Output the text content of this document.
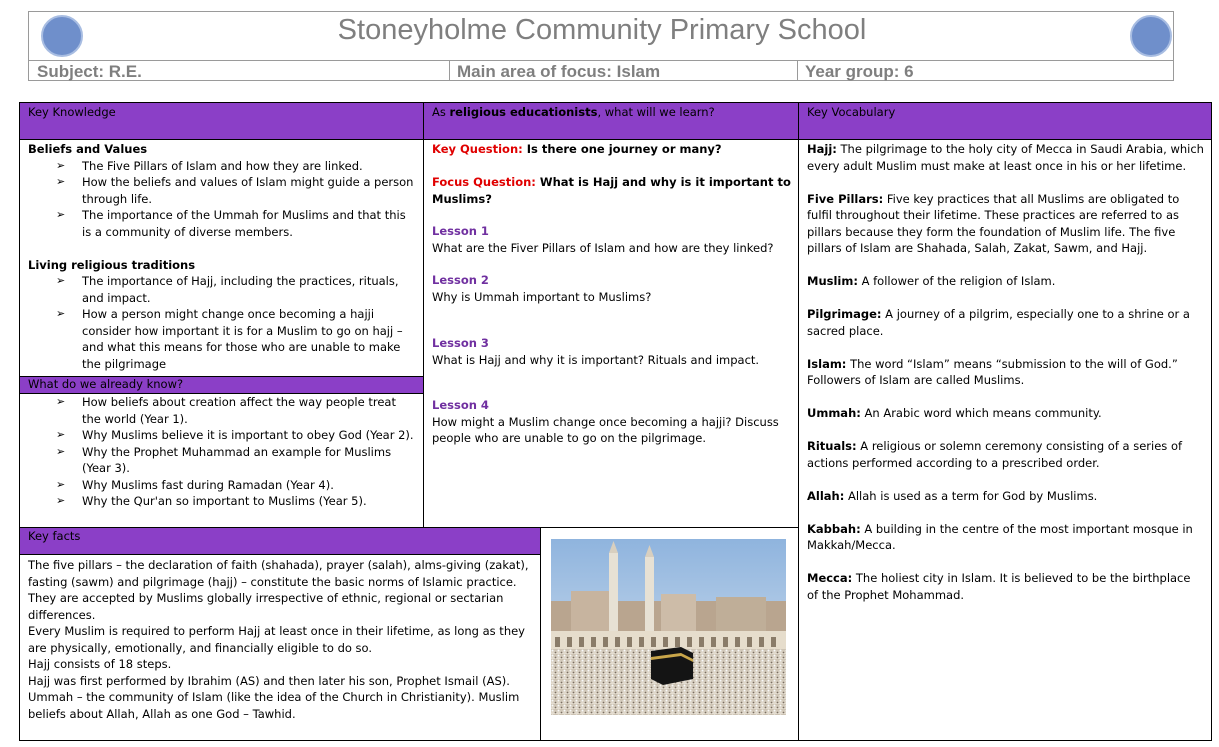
Stoneyholme Community Primary School
Subject: R.E.	Main area of focus: Islam	Year group: 6
Key Knowledge	As religious educationists, what will we learn?	Key Vocabulary
Beliefs and Values
➢ The Five Pillars of Islam and how they are linked.
➢ How the beliefs and values of Islam might guide a person through life.
➢ The importance of the Ummah for Muslims and that this is a community of diverse members.
Living religious traditions
➢ The importance of Hajj, including the practices, rituals, and impact.
➢ How a person might change once becoming a hajji consider how important it is for a Muslim to go on hajj – and what this means for those who are unable to make the pilgrimage
What do we already know?
➢ How beliefs about creation affect the way people treat the world (Year 1).
➢ Why Muslims believe it is important to obey God (Year 2).
➢ Why the Prophet Muhammad an example for Muslims (Year 3).
➢ Why Muslims fast during Ramadan (Year 4).
➢ Why the Qur'an so important to Muslims (Year 5).
Key Question: Is there one journey or many?
Focus Question: What is Hajj and why is it important to Muslims?
Lesson 1
What are the Fiver Pillars of Islam and how are they linked?
Lesson 2
Why is Ummah important to Muslims?
Lesson 3
What is Hajj and why it is important? Rituals and impact.
Lesson 4
How might a Muslim change once becoming a hajji? Discuss people who are unable to go on the pilgrimage.
Key facts
The five pillars – the declaration of faith (shahada), prayer (salah), alms-giving (zakat), fasting (sawm) and pilgrimage (hajj) – constitute the basic norms of Islamic practice. They are accepted by Muslims globally irrespective of ethnic, regional or sectarian differences.
Every Muslim is required to perform Hajj at least once in their lifetime, as long as they are physically, emotionally, and financially eligible to do so.
Hajj consists of 18 steps.
Hajj was first performed by Ibrahim (AS) and then later his son, Prophet Ismail (AS).
Ummah – the community of Islam (like the idea of the Church in Christianity). Muslim beliefs about Allah, Allah as one God – Tawhid.

Hajj: The pilgrimage to the holy city of Mecca in Saudi Arabia, which every adult Muslim must make at least once in his or her lifetime.

Five Pillars: Five key practices that all Muslims are obligated to fulfil throughout their lifetime. These practices are referred to as pillars because they form the foundation of Muslim life. The five pillars of Islam are Shahada, Salah, Zakat, Sawm, and Hajj.

Muslim: A follower of the religion of Islam.

Pilgrimage: A journey of a pilgrim, especially one to a shrine or a sacred place.

Islam: The word “Islam” means “submission to the will of God.” Followers of Islam are called Muslims.

Ummah: An Arabic word which means community.

Rituals: A religious or solemn ceremony consisting of a series of actions performed according to a prescribed order.

Allah: Allah is used as a term for God by Muslims.

Kabbah: A building in the centre of the most important mosque in Makkah/Mecca.

Mecca: The holiest city in Islam. It is believed to be the birthplace of the Prophet Mohammad.
